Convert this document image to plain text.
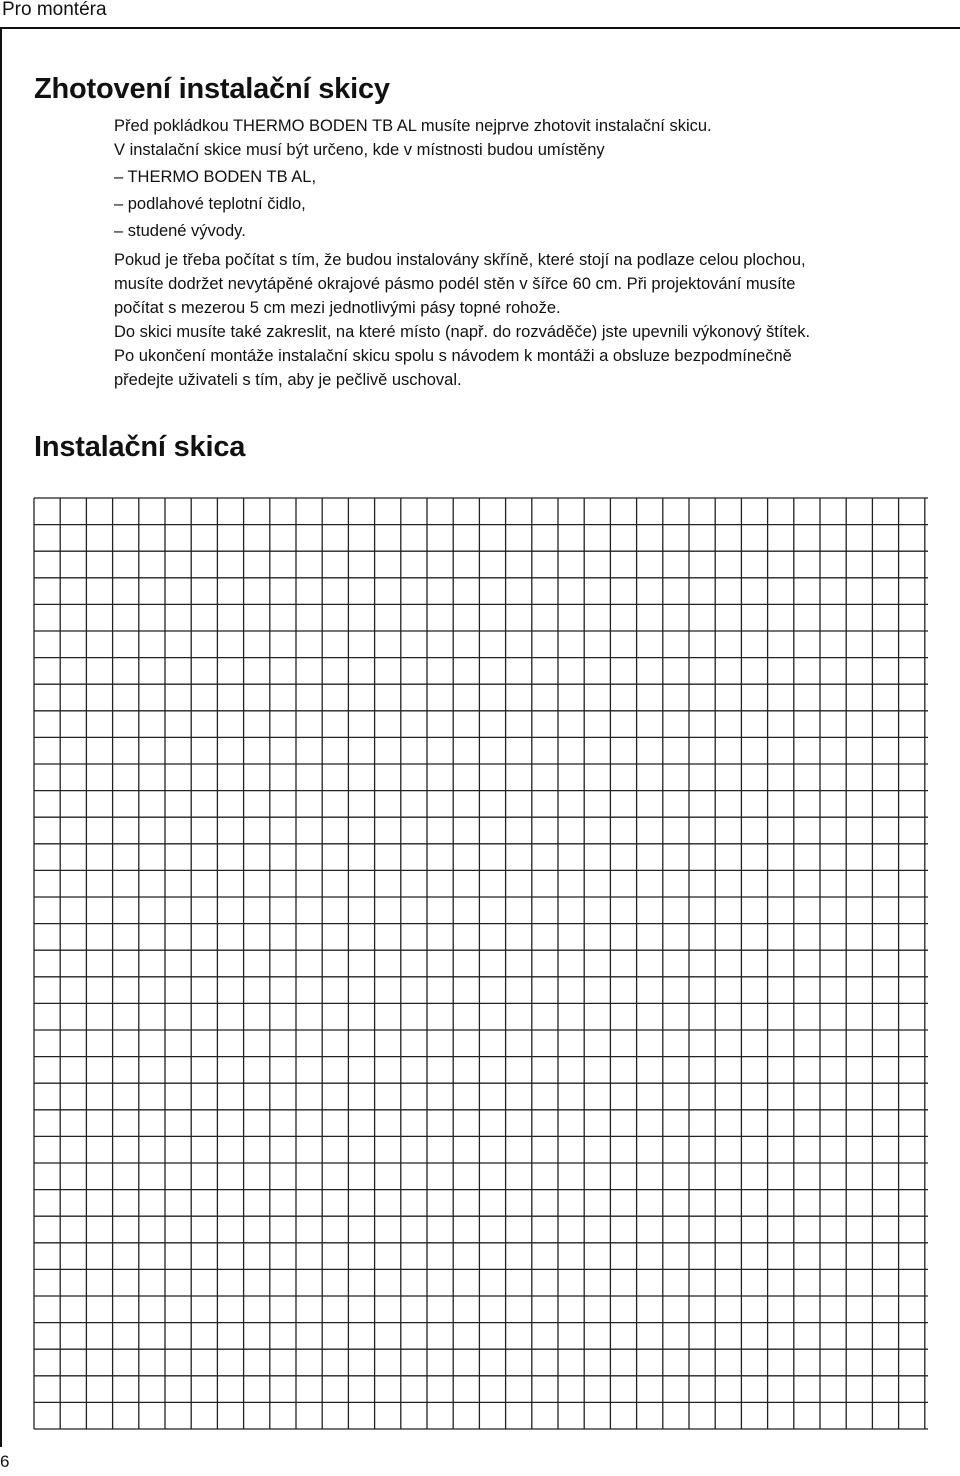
Pro montéra
Zhotovení instalační skicy

Před pokládkou THERMO BODEN TB AL musíte nejprve zhotovit instalační skicu.

V instalační skice musí být určeno, kde v místnosti budou umístěny

– THERMO BODEN TB AL,

– podlahové teplotní čidlo,

– studené vývody.

Pokud je třeba počítat s tím, že budou instalovány skříně, které stojí na podlaze celou plochou,

musíte dodržet nevytápěné okrajové pásmo podél stěn v šířce 60 cm. Při projektování musíte

počítat s mezerou 5 cm mezi jednotlivými pásy topné rohože.

Do skici musíte také zakreslit, na které místo (např. do rozváděče) jste upevnili výkonový štítek.

Po ukončení montáže instalační skicu spolu s návodem k montáži a obsluze bezpodmínečně

předejte uživateli s tím, aby je pečlivě uschoval.

Instalační skica
6
